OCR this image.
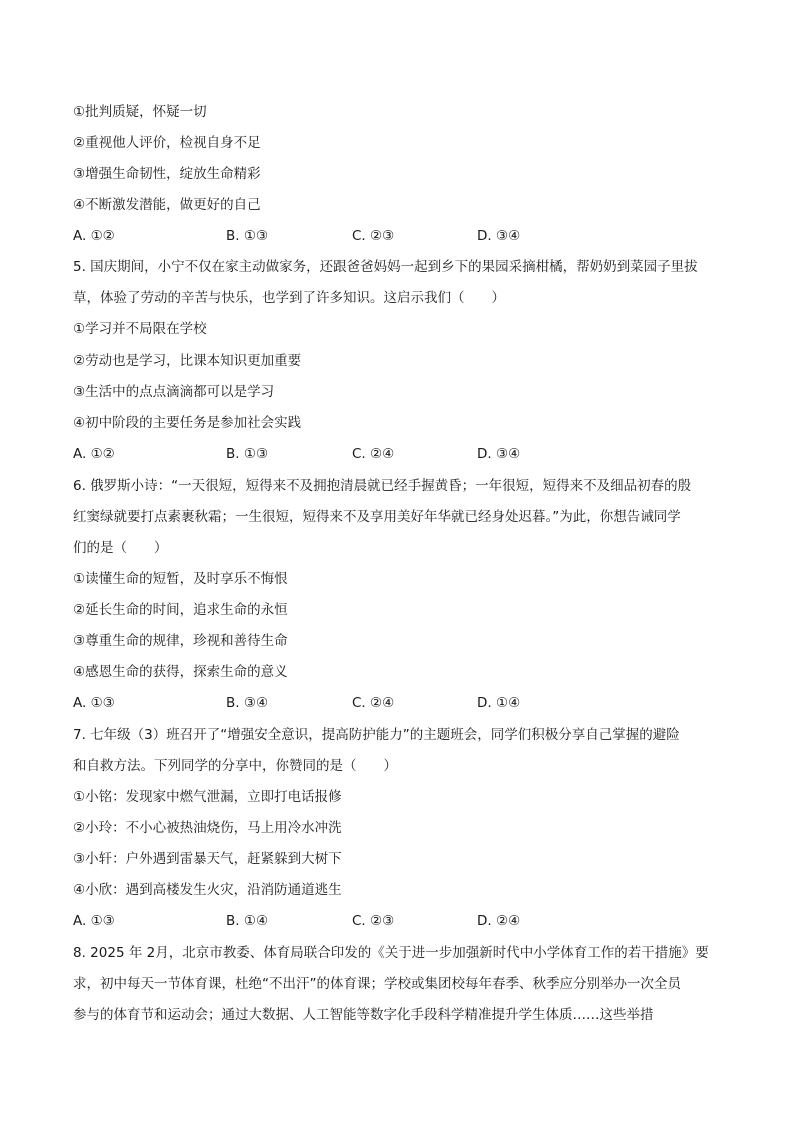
①批判质疑，怀疑一切
②重视他人评价，检视自身不足
③增强生命韧性，绽放生命精彩
④不断激发潜能，做更好的自己
A. ①②	B. ①③	C. ②③	D. ③④
5. 国庆期间，小宁不仅在家主动做家务，还跟爸爸妈妈一起到乡下的果园采摘柑橘，帮奶奶到菜园子里拔
草，体验了劳动的辛苦与快乐，也学到了许多知识。这启示我们（　　）
①学习并不局限在学校
②劳动也是学习，比课本知识更加重要
③生活中的点点滴滴都可以是学习
④初中阶段的主要任务是参加社会实践
A. ①②	B. ①③	C. ②④	D. ③④
6. 俄罗斯小诗：“一天很短，短得来不及拥抱清晨就已经手握黄昏；一年很短，短得来不及细品初春的殷
红窦绿就要打点素裹秋霜；一生很短，短得来不及享用美好年华就已经身处迟暮。”为此，你想告诫同学
们的是（　　）
①读懂生命的短暂，及时享乐不悔恨
②延长生命的时间，追求生命的永恒
③尊重生命的规律，珍视和善待生命
④感恩生命的获得，探索生命的意义
A. ①③	B. ③④	C. ②④	D. ①④
7. 七年级（3）班召开了“增强安全意识，提高防护能力”的主题班会，同学们积极分享自己掌握的避险
和自救方法。下列同学的分享中，你赞同的是（　　）
①小铭：发现家中燃气泄漏，立即打电话报修
②小玲：不小心被热油烧伤，马上用冷水冲洗
③小轩：户外遇到雷暴天气，赶紧躲到大树下
④小欣：遇到高楼发生火灾，沿消防通道逃生
A. ①③	B. ①④	C. ②③	D. ②④
8. 2025 年 2月，北京市教委、体育局联合印发的《关于进一步加强新时代中小学体育工作的若干措施》要
求，初中每天一节体育课，杜绝“不出汗”的体育课；学校或集团校每年春季、秋季应分别举办一次全员
参与的体育节和运动会；通过大数据、人工智能等数字化手段科学精准提升学生体质……这些举措
